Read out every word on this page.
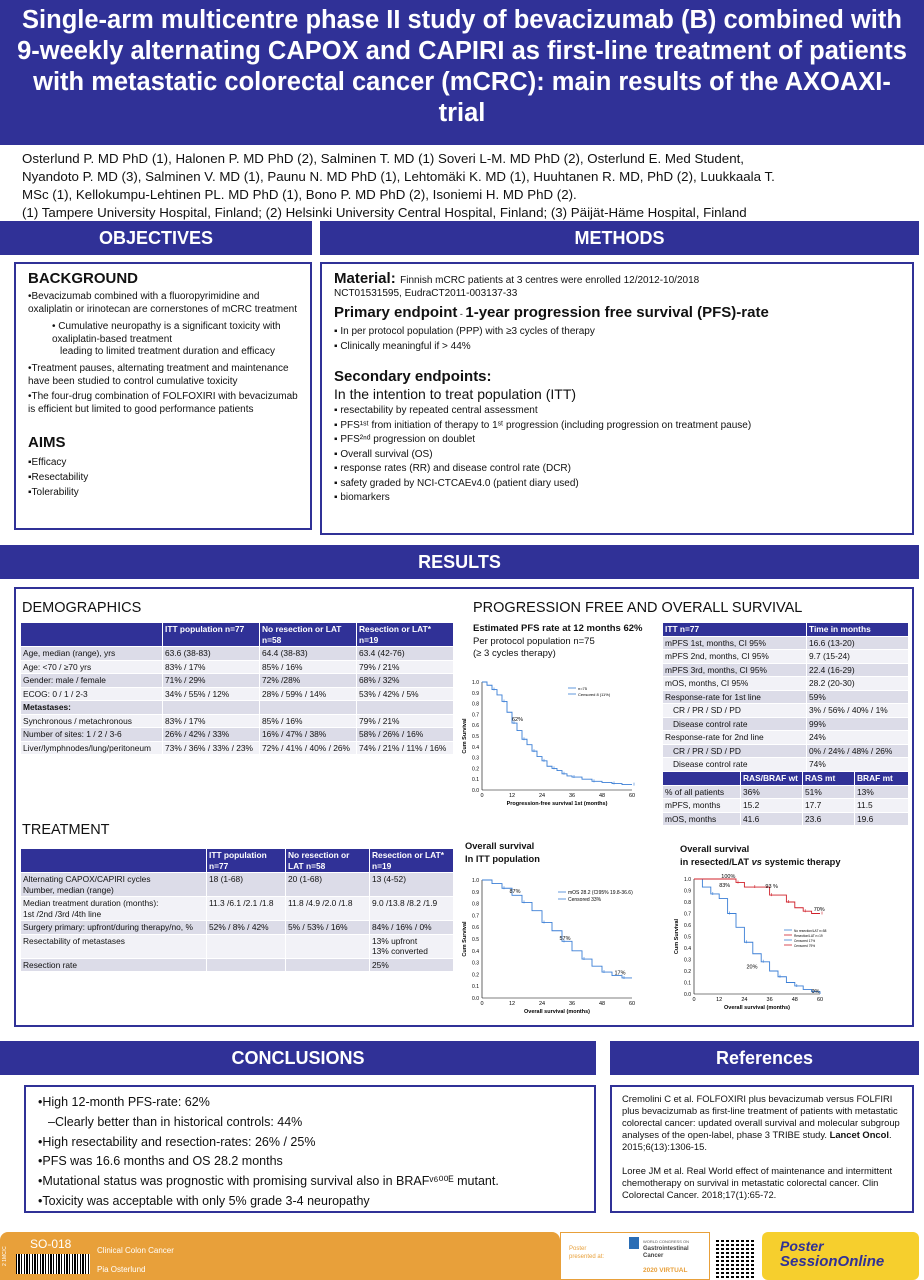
Single-arm multicentre phase II study of bevacizumab (B) combined with 9-weekly alternating CAPOX and CAPIRI as first-line treatment of patients with metastatic colorectal cancer (mCRC): main results of the AXOAXI-trial
Osterlund P. MD PhD (1), Halonen P. MD PhD (2), Salminen T. MD (1) Soveri L-M. MD PhD (2), Osterlund E. Med Student,
Nyandoto P. MD (3), Salminen V. MD (1), Paunu N. MD PhD (1), Lehtomäki K. MD (1), Huuhtanen R. MD, PhD (2), Luukkaala T.
MSc (1), Kellokumpu-Lehtinen PL. MD PhD (1), Bono P. MD PhD (2), Isoniemi H. MD PhD (2).
(1) Tampere University Hospital, Finland; (2) Helsinki University Central Hospital, Finland; (3) Päijät-Häme Hospital, Finland
OBJECTIVES	METHODS
BACKGROUND
•Bevacizumab combined with a fluoropyrimidine and oxaliplatin or irinotecan are cornerstones of mCRC treatment
• Cumulative neuropathy is a significant toxicity with oxaliplatin-based treatment
leading to limited treatment duration and efficacy
•Treatment pauses, alternating treatment and maintenance have been studied to control cumulative toxicity
•The four-drug combination of FOLFOXIRI with bevacizumab is efficient but limited to good performance patients
AIMS
▪Efficacy
▪Resectability
▪Tolerability
Material: Finnish mCRC patients at 3 centres were enrolled 12/2012-10/2018
NCT01531595, EudraCT2011-003137-33
Primary endpoint - 1-year progression free survival (PFS)-rate
▪ In per protocol population (PPP) with ≥3 cycles of therapy
▪ Clinically meaningful if > 44%
Secondary endpoints:
In the intention to treat population (ITT)
▪ resectability by repeated central assessment
▪ PFS¹ˢᵗ from initiation of therapy to 1ˢᵗ progression (including progression on treatment pause)
▪ PFS²ⁿᵈ progression on doublet
▪ Overall survival (OS)
▪ response rates (RR) and disease control rate (DCR)
▪ safety graded by NCI-CTCAEv4.0 (patient diary used)
▪ biomarkers
RESULTS
DEMOGRAPHICS
	ITT population n=77	No resection or LAT n=58	Resection or LAT* n=19
Age, median (range), yrs	63.6 (38-83)	64.4 (38-83)	63.4 (42-76)
Age: <70 / ≥70 yrs	83% / 17%	85% / 16%	79% / 21%
Gender: male / female	71% / 29%	72% /28%	68% / 32%
ECOG: 0 / 1 / 2-3	34% / 55% / 12%	28% / 59% / 14%	53% / 42% / 5%
Metastases:			
Synchronous / metachronous	83% / 17%	85% / 16%	79% / 21%
Number of sites: 1 / 2 / 3-6	26% / 42% / 33%	16% / 47% / 38%	58% / 26% / 16%
Liver/lymphnodes/lung/peritoneum	73% / 36% / 33% / 23%	72% / 41% / 40% / 26%	74% / 21% / 11% / 16%
TREATMENT
	ITT population n=77	No resection or LAT n=58	Resection or LAT* n=19
Alternating CAPOX/CAPIRI cycles
Number, median (range)	18 (1-68)	20 (1-68)	13 (4-52)
Median treatment duration (months):
1st /2nd /3rd /4th line	11.3 /6.1 /2.1 /1.8	11.8 /4.9 /2.0 /1.8	9.0 /13.8 /8.2 /1.9
Surgery primary: upfront/during therapy/no, %	52% / 8% / 42%	5% / 53% / 16%	84% / 16% / 0%
Resectability of metastases			13% upfront
13% converted
Resection rate			25%
PROGRESSION FREE AND OVERALL SURVIVAL
Estimated PFS rate at 12 months 62%
Per protocol population n=75
(≥ 3 cycles therapy)
0.0
0.1
0.2
0.3
0.4
0.5
0.6
0.7
0.8
0.9
1.0
0	12	24	36	48	60
Progression-free survival 1st (months)
Cum Survival
n=75
Censored 8 (11%)
62%
ITT n=77	Time in months
mPFS 1st, months, CI 95%	16.6 (13-20)
mPFS 2nd, months, CI 95%	9.7 (15-24)
mPFS 3rd, months, CI 95%	22.4 (16-29)
mOS, months, CI 95%	28.2 (20-30)
Response-rate for 1st line	59%
CR / PR / SD / PD	3% / 56% / 40% / 1%
Disease control rate	99%
Response-rate for 2nd line	24%
CR / PR / SD / PD	0% / 24% / 48% / 26%
Disease control rate	74%
	RAS/BRAF wt	RAS mt	BRAF mt
% of all patients	36%	51%	13%
mPFS, months	15.2	17.7	11.5
mOS, months	41.6	23.6	19.6
Overall survival
In ITT population
0.0
0.1
0.2
0.3
0.4
0.5
0.6
0.7
0.8
0.9
1.0
0	12	24	36	48	60
Overall survival (months)
Cum Survival
mOS 28.2 (CI95% 19.8-36.6)
Censored 33%
87%
57%
17%
Overall survival
in resected/LAT vs systemic therapy
0.0
0.1
0.2
0.3
0.4
0.5
0.6
0.7
0.8
0.9
1.0
0	12	24	36	48	60
Overall survival (months)
Cum Survival	No resection/LAT n=58
Resection/LAT n=19
Censored 17%
Censored 79%
100%
83%	93 %
70%
20%
0%
CONCLUSIONS	References
•High 12-month PFS-rate: 62%
–Clearly better than in historical controls: 44%
•High resectability and resection-rates: 26% / 25%
•PFS was 16.6 months and OS 28.2 months
•Mutational status was prognostic with promising survival also in BRAFᵛ⁶⁰⁰ᴱ mutant.
•Toxicity was acceptable with only 5% grade 3-4 neuropathy
Cremolini C et al. FOLFOXIRI plus bevacizumab versus FOLFIRI plus bevacizumab as first-line treatment of patients with metastatic colorectal cancer: updated overall survival and molecular subgroup analyses of the open-label, phase 3 TRIBE study. Lancet Oncol. 2015;6(13):1306-15.
Loree JM et al. Real World effect of maintenance and intermittent chemotherapy on survival in metastatic colorectal cancer. Clin Colorectal Cancer. 2018;17(1):65-72.
2 1MC/C
SO-018	Clinical Colon Cancer
Pia Osterlund
Poster presented at:
WORLD CONGRESS ON
Gastrointestinal Cancer
2020 VIRTUAL
Poster
SessionOnline
